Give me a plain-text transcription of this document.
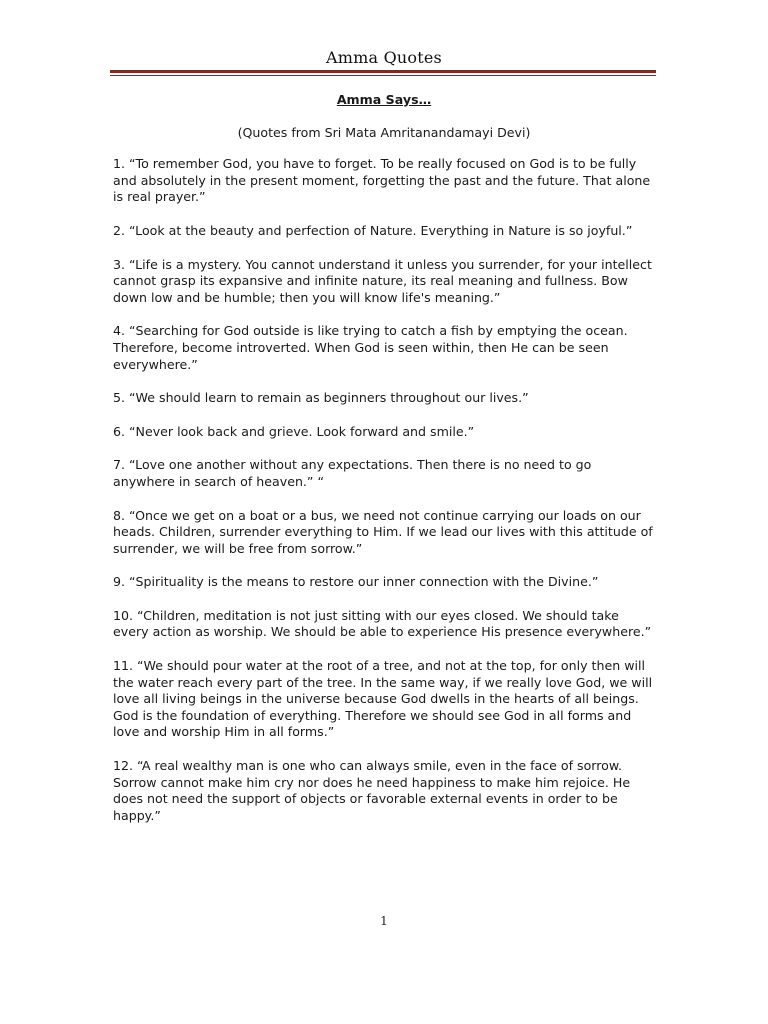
Amma Quotes

Amma Says…

(Quotes from Sri Mata Amritanandamayi Devi)

1. “To remember God, you have to forget. To be really focused on God is to be fully and absolutely in the present moment, forgetting the past and the future. That alone is real prayer.”

2. “Look at the beauty and perfection of Nature. Everything in Nature is so joyful.”

3. “Life is a mystery. You cannot understand it unless you surrender, for your intellect cannot grasp its expansive and infinite nature, its real meaning and fullness. Bow down low and be humble; then you will know life's meaning.”

4. “Searching for God outside is like trying to catch a fish by emptying the ocean. Therefore, become introverted. When God is seen within, then He can be seen everywhere.”

5. “We should learn to remain as beginners throughout our lives.”

6. “Never look back and grieve. Look forward and smile.”

7. “Love one another without any expectations. Then there is no need to go anywhere in search of heaven.” “

8. “Once we get on a boat or a bus, we need not continue carrying our loads on our heads. Children, surrender everything to Him. If we lead our lives with this attitude of surrender, we will be free from sorrow.”

9. “Spirituality is the means to restore our inner connection with the Divine.”

10. “Children, meditation is not just sitting with our eyes closed. We should take every action as worship. We should be able to experience His presence everywhere.”

11. “We should pour water at the root of a tree, and not at the top, for only then will the water reach every part of the tree. In the same way, if we really love God, we will love all living beings in the universe because God dwells in the hearts of all beings. God is the foundation of everything. Therefore we should see God in all forms and love and worship Him in all forms.”

12. “A real wealthy man is one who can always smile, even in the face of sorrow. Sorrow cannot make him cry nor does he need happiness to make him rejoice. He does not need the support of objects or favorable external events in order to be happy.”

1
